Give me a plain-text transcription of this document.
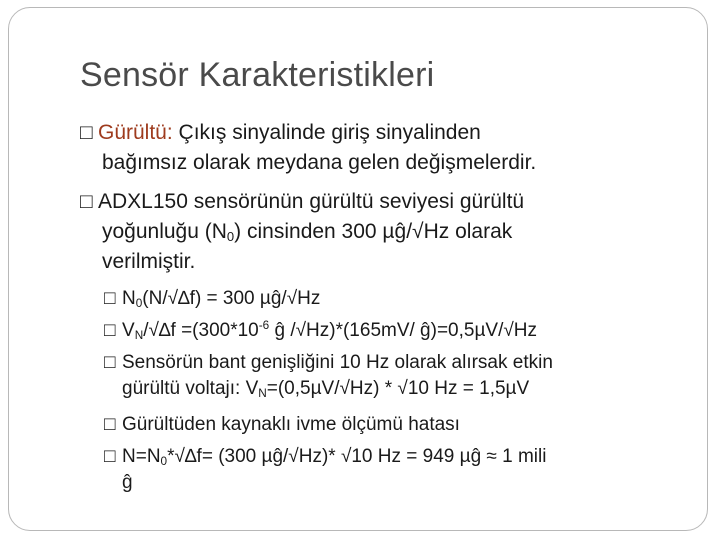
Sensör Karakteristikleri
□ Gürültü: Çıkış sinyalinde giriş sinyalinden
bağımsız olarak meydana gelen değişmelerdir.
□ ADXL150 sensörünün gürültü seviyesi gürültü
yoğunluğu $(N_0)$ cinsinden 300 µĝ/√Hz olarak
verilmiştir.
□ $N_0(N/√\Delta f) = 300$ µĝ/√Hz
□ $V_N/√\Delta f =(300*10^{-6}$ ĝ /√Hz)*(165mV/ ĝ)=0,5µV/√Hz
□ Sensörün bant genişliğini 10 Hz olarak alırsak etkin
gürültü voltajı: $V_N=(0,5\mu V/√Hz) * √10$ Hz = 1,5µV
□ Gürültüden kaynaklı ivme ölçümü hatası
□ $N=N_0*√\Delta f= (300$ µĝ/√Hz)* √10 Hz = 949 µĝ ≈ 1 mili
ĝ
